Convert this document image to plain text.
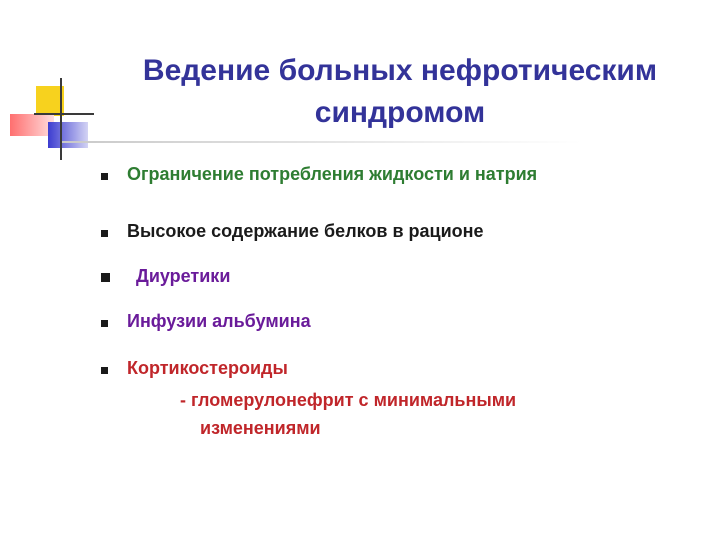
Ведение больных нефротическим
синдромом
Ограничение потребления жидкости и натрия
Высокое содержание белков в рационе
Диуретики
Инфузии альбумина
Кортикостероиды
- гломерулонефрит с минимальными
изменениями
